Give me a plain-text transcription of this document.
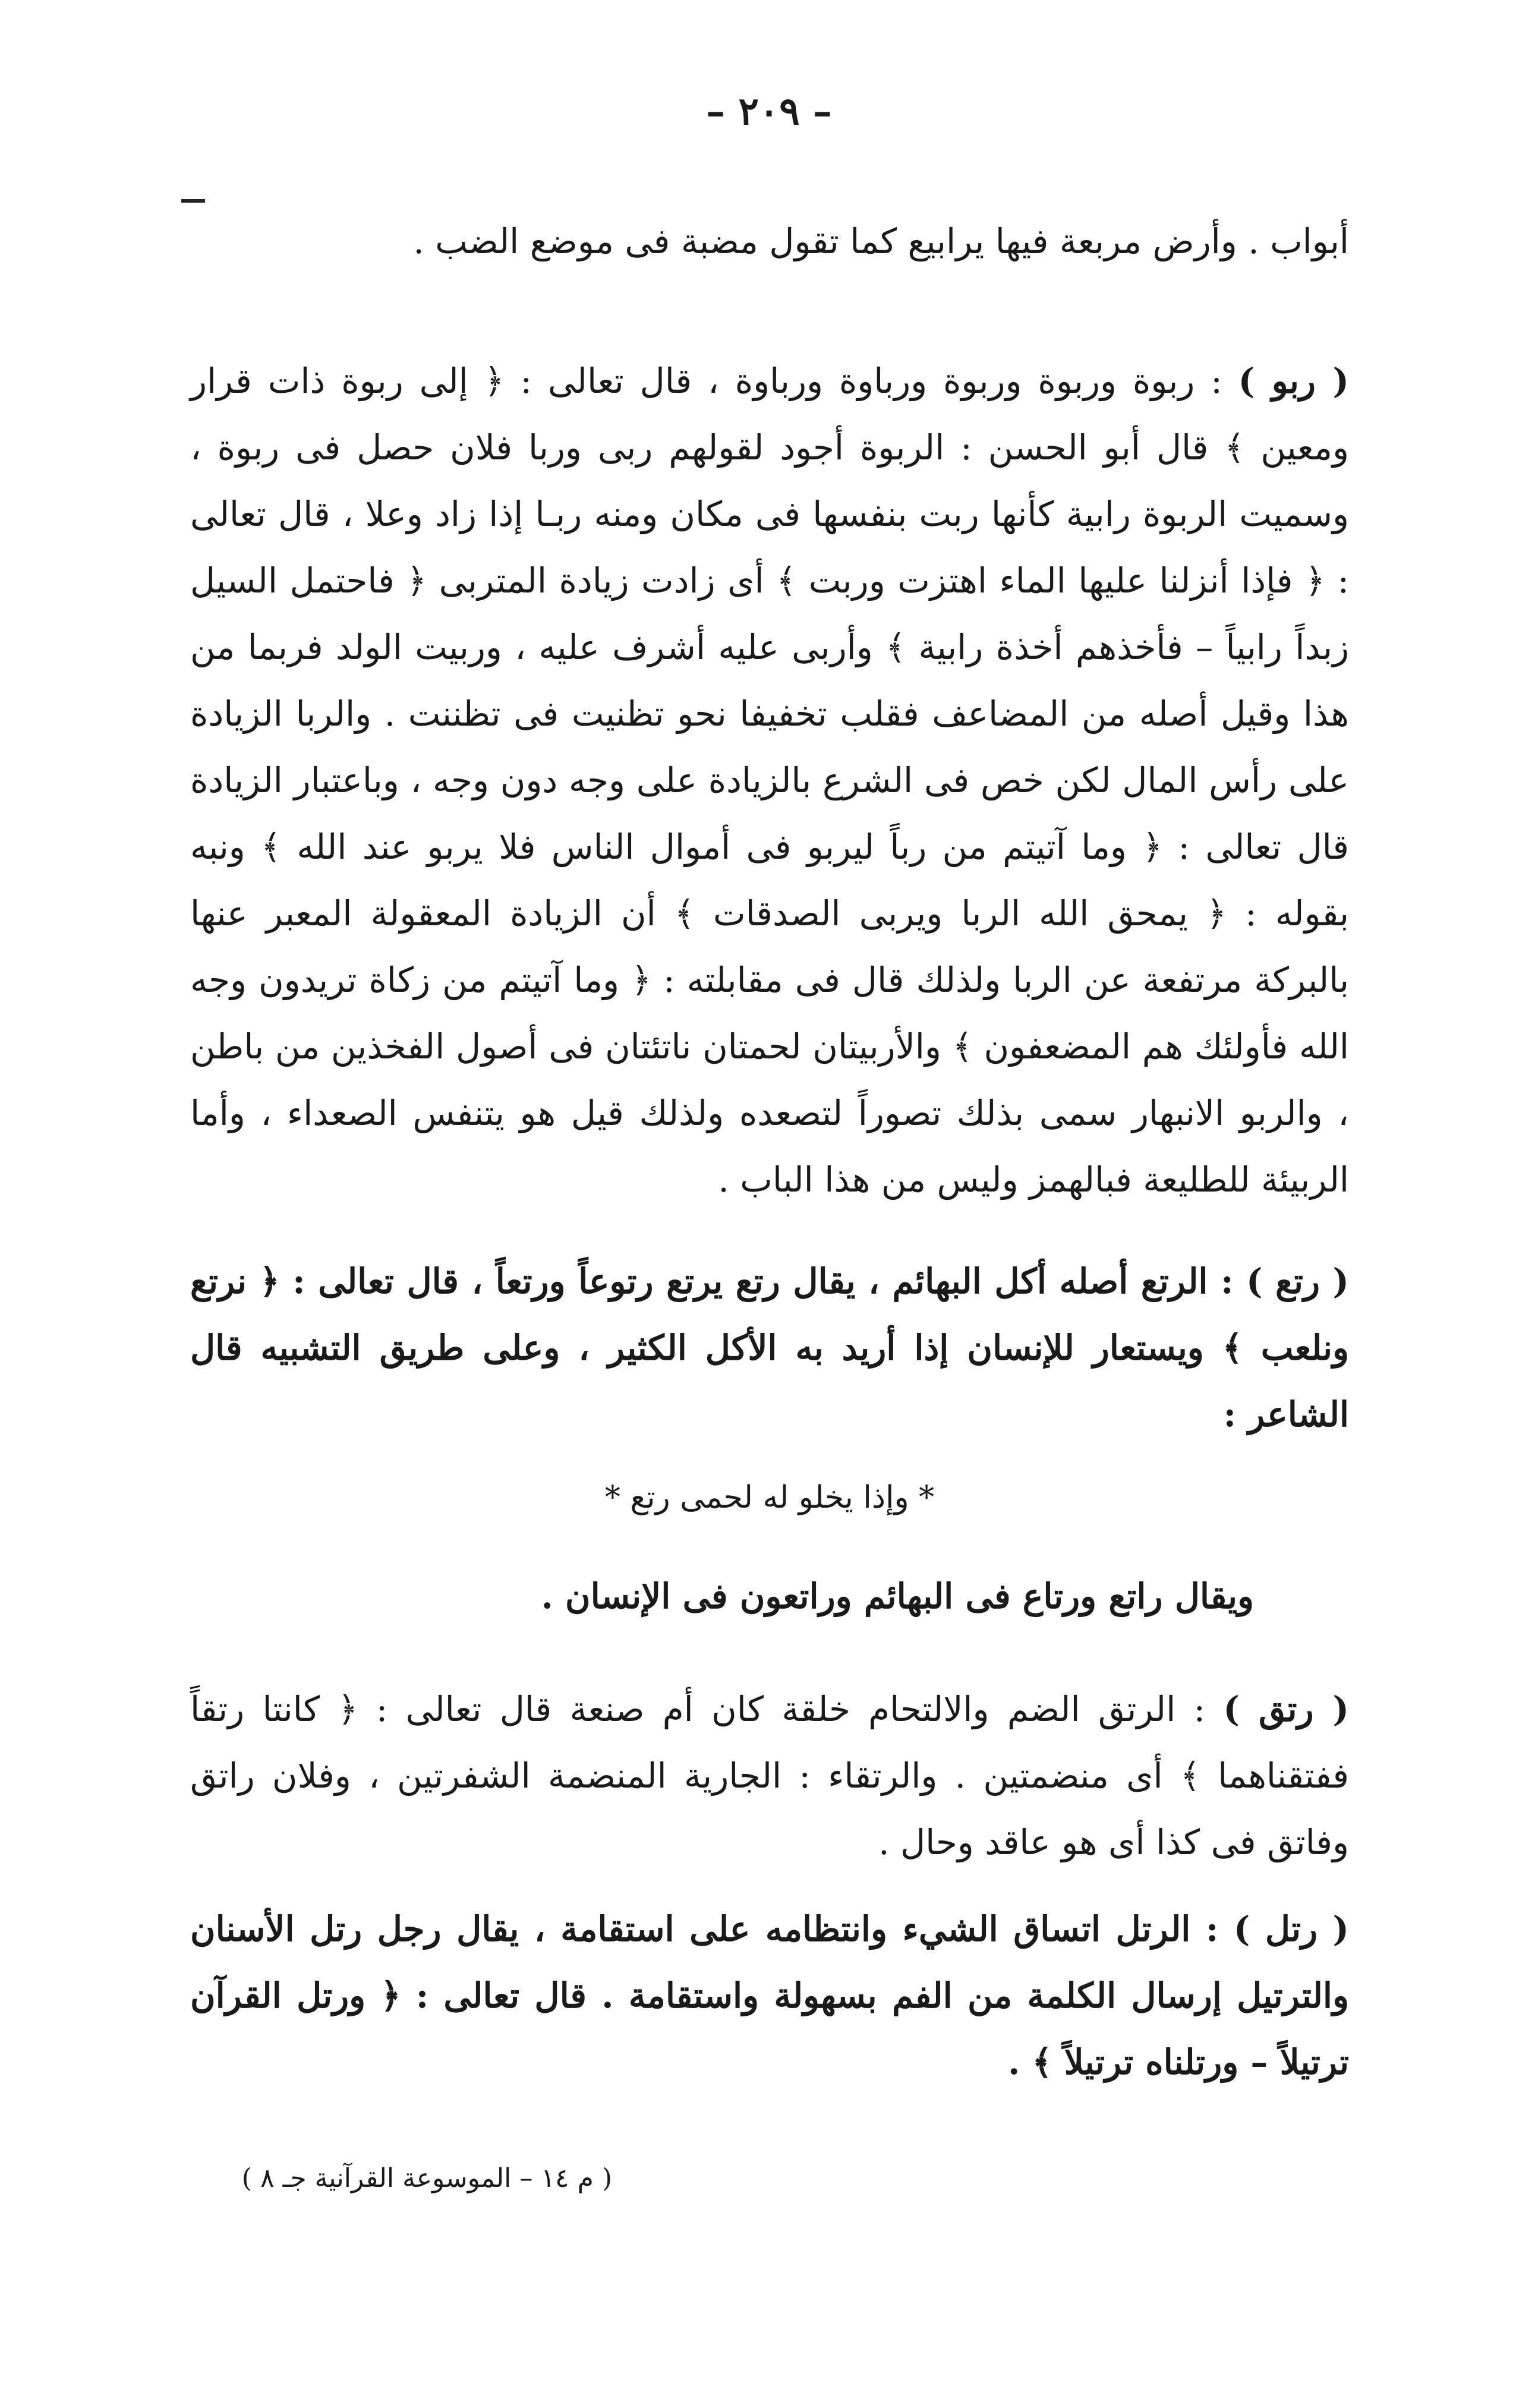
– ٢٠٩ –

أبواب . وأرض مربعة فيها يرابيع كما تقول مضبة فى موضع الضب .

( ربو ) : ربوة وربوة وربوة ورباوة ورباوة ، قال تعالى : ﴿ إلى ربوة ذات قرار ومعين ﴾ قال أبو الحسن : الربوة أجود لقولهم ربى وربا فلان حصل فى ربوة ، وسميت الربوة رابية كأنها ربت بنفسها فى مكان ومنه ربـا إذا زاد وعلا ، قال تعالى : ﴿ فإذا أنزلنا عليها الماء اهتزت وربت ﴾ أى زادت زيادة المتربى ﴿ فاحتمل السيل زبداً رابياً – فأخذهم أخذة رابية ﴾ وأربى عليه أشرف عليه ، وربيت الولد فربما من هذا وقيل أصله من المضاعف فقلب تخفيفا نحو تظنيت فى تظننت . والربا الزيادة على رأس المال لكن خص فى الشرع بالزيادة على وجه دون وجه ، وباعتبار الزيادة قال تعالى : ﴿ وما آتيتم من رباً ليربو فى أموال الناس فلا يربو عند الله ﴾ ونبه بقوله : ﴿ يمحق الله الربا ويربى الصدقات ﴾ أن الزيادة المعقولة المعبر عنها بالبركة مرتفعة عن الربا ولذلك قال فى مقابلته : ﴿ وما آتيتم من زكاة تريدون وجه الله فأولئك هم المضعفون ﴾ والأربيتان لحمتان ناتئتان فى أصول الفخذين من باطن ، والربو الانبهار سمى بذلك تصوراً لتصعده ولذلك قيل هو يتنفس الصعداء ، وأما الربيئة للطليعة فبالهمز وليس من هذا الباب .

( رتع ) : الرتع أصله أكل البهائم ، يقال رتع يرتع رتوعاً ورتعاً ، قال تعالى : ﴿ نرتع ونلعب ﴾ ويستعار للإنسان إذا أريد به الأكل الكثير ، وعلى طريق التشبيه قال الشاعر :

* وإذا يخلو له لحمى رتع *

ويقال راتع ورتاع فى البهائم وراتعون فى الإنسان .

( رتق ) : الرتق الضم والالتحام خلقة كان أم صنعة قال تعالى : ﴿ كانتا رتقاً ففتقناهما ﴾ أى منضمتين . والرتقاء : الجارية المنضمة الشفرتين ، وفلان راتق وفاتق فى كذا أى هو عاقد وحال .

( رتل ) : الرتل اتساق الشيء وانتظامه على استقامة ، يقال رجل رتل الأسنان والترتيل إرسال الكلمة من الفم بسهولة واستقامة . قال تعالى : ﴿ ورتل القرآن ترتيلاً – ورتلناه ترتيلاً ﴾ .

( م ١٤ – الموسوعة القرآنية جـ ٨ )
